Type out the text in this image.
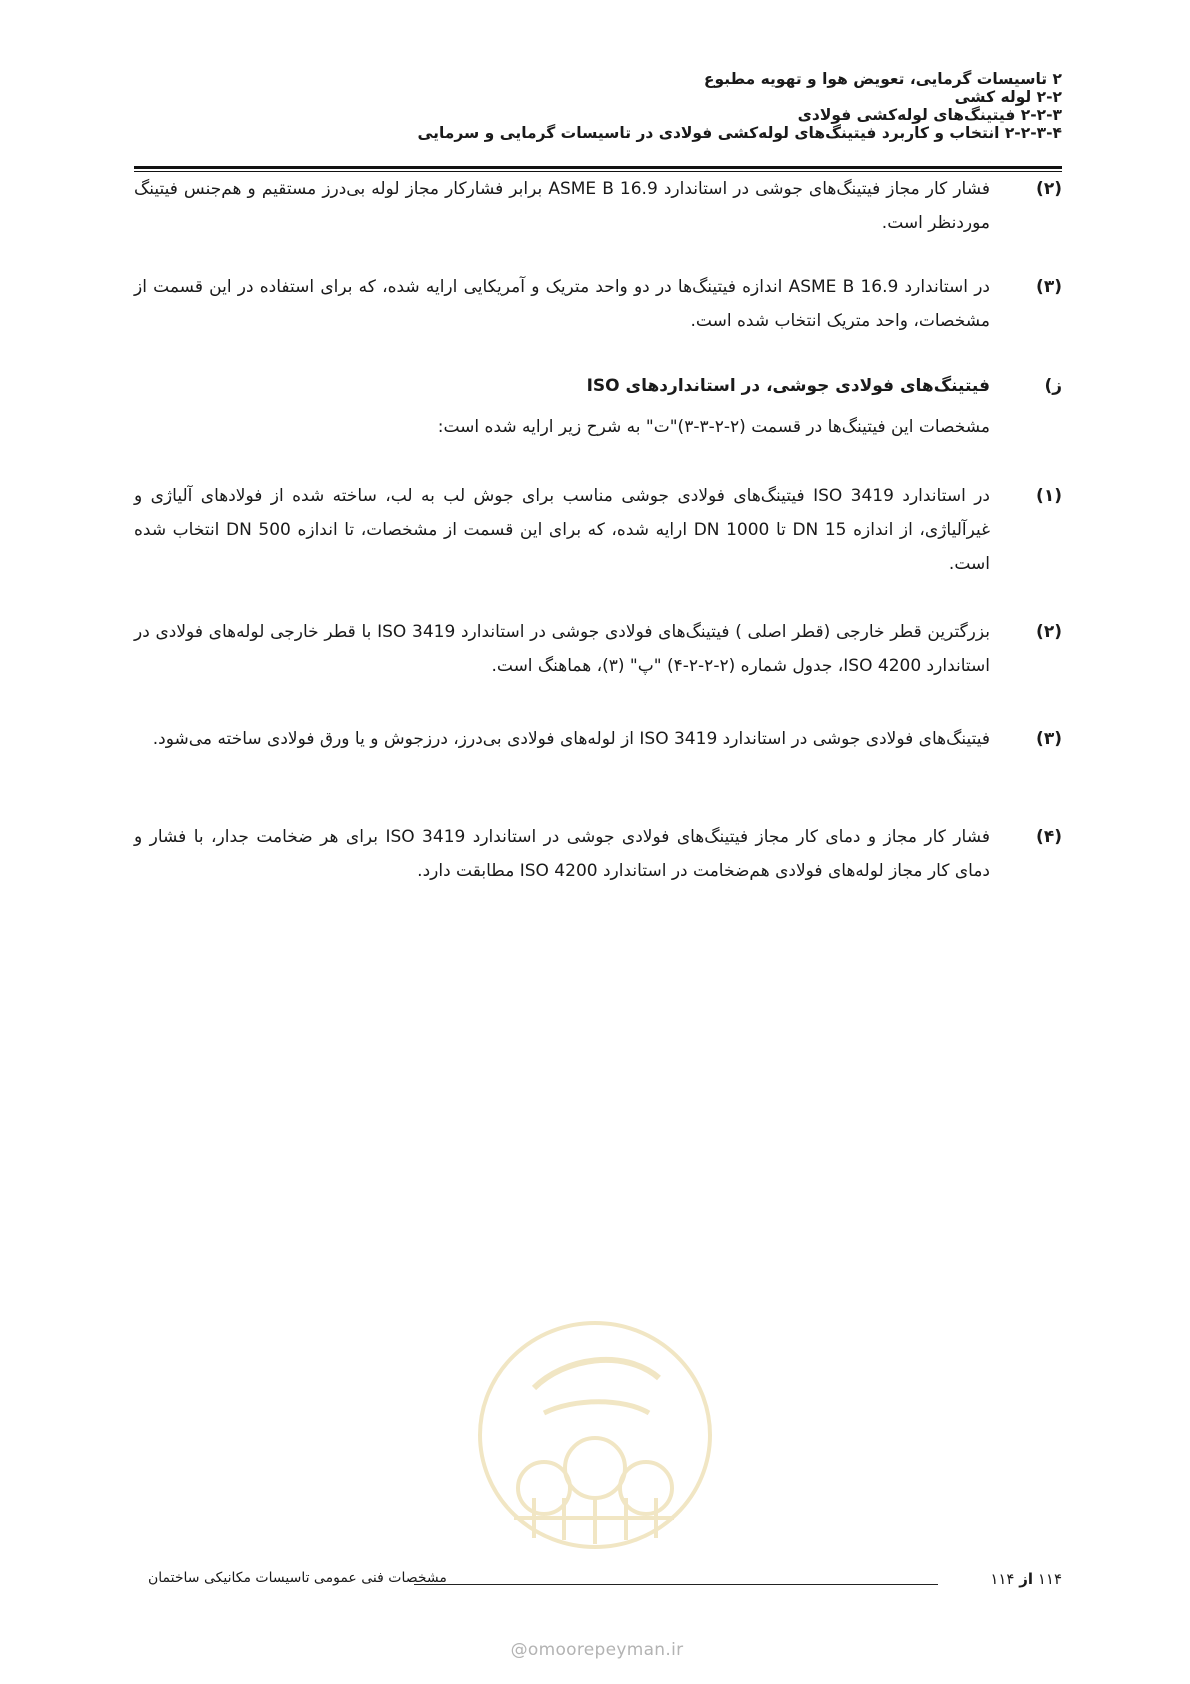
۲ تاسیسات گرمایی، تعویض هوا و تهویه مطبوع
۲-۲ لوله کشی
۲-۲-۳ فیتینگ‌های لوله‌کشی فولادی
۲-۲-۳-۴ انتخاب و کاربرد فیتینگ‌های لوله‌کشی فولادی در تاسیسات گرمایی و سرمایی
(۲)
فشار کار مجاز فیتینگ‌های جوشی در استاندارد ASME B 16.9 برابر فشارکار مجاز لوله بی‌درز مستقیم و هم‌جنس فیتینگ موردنظر است.
(۳)
در استاندارد ASME B 16.9 اندازه فیتینگ‌ها در دو واحد متریک و آمریکایی ارایه شده، که برای استفاده در این قسمت از مشخصات، واحد متریک انتخاب شده است.
ز)
فیتینگ‌های فولادی جوشی، در استانداردهای ISO
مشخصات این فیتینگ‌ها در قسمت (۲-۲-۳-۳)"ت" به شرح زیر ارایه شده است:
(۱)
در استاندارد ISO 3419 فیتینگ‌های فولادی جوشی مناسب برای جوش لب به لب، ساخته شده از فولادهای آلیاژی و غیرآلیاژی، از اندازه DN 15 تا DN 1000 ارایه شده، که برای این قسمت از مشخصات، تا اندازه DN 500 انتخاب شده است.
(۲)
بزرگترین قطر خارجی (قطر اصلی ) فیتینگ‌های فولادی جوشی در استاندارد ISO 3419 با قطر خارجی لوله‌های فولادی در استاندارد ISO 4200، جدول شماره (۲-۲-۲-۴) "پ" (۳)، هماهنگ است.
(۳)
فیتینگ‌های فولادی جوشی در استاندارد ISO 3419 از لوله‌های فولادی بی‌درز، درزجوش و یا ورق فولادی ساخته می‌شود.
(۴)
فشار کار مجاز و دمای کار مجاز فیتینگ‌های فولادی جوشی در استاندارد ISO 3419 برای هر ضخامت جدار، با فشار و دمای کار مجاز لوله‌های فولادی هم‌ضخامت در استاندارد ISO 4200 مطابقت دارد.
۱۱۴ از ۱۱۴
مشخصات فنی عمومی تاسیسات مکانیکی ساختمان
@omoorepeyman.ir
